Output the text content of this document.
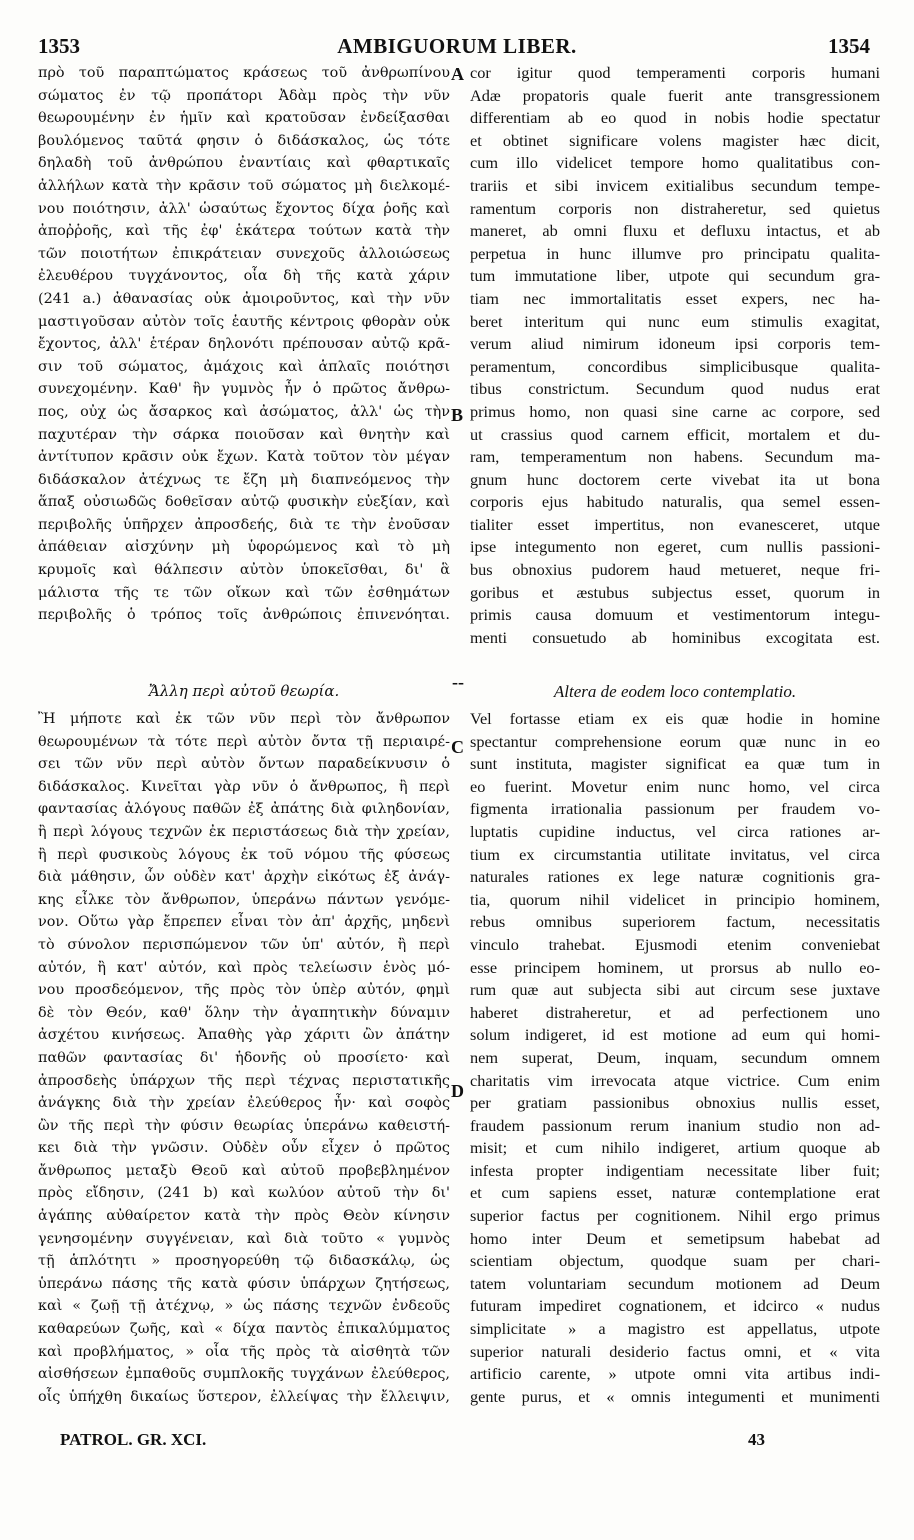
AMBIGUORUM LIBER.
1353	1354
πρὸ τοῦ παραπτώματος κράσεως τοῦ ἀνθρωπίνου
σώματος ἐν τῷ προπάτορι Ἀδὰμ πρὸς τὴν νῦν
θεωρουμένην ἐν ἡμῖν καὶ κρατοῦσαν ἐνδείξασθαι
βουλόμενος ταῦτά φησιν ὁ διδάσκαλος, ὡς τότε
δηλαδὴ τοῦ ἀνθρώπου ἐναντίαις καὶ φθαρτικαῖς
ἀλλήλων κατὰ τὴν κρᾶσιν τοῦ σώματος μὴ διελκομέ-
νου ποιότησιν, ἀλλ' ὡσαύτως ἔχοντος δίχα ῥοῆς καὶ
ἀποῤῥοῆς, καὶ τῆς ἐφ' ἑκάτερα τούτων κατὰ τὴν
τῶν ποιοτήτων ἐπικράτειαν συνεχοῦς ἀλλοιώσεως
ἐλευθέρου τυγχάνοντος, οἷα δὴ τῆς κατὰ χάριν
(241 a.) ἀθανασίας οὐκ ἀμοιροῦντος, καὶ τὴν νῦν
μαστιγοῦσαν αὐτὸν τοῖς ἑαυτῆς κέντροις φθορὰν οὐκ
ἔχοντος, ἀλλ' ἑτέραν δηλονότι πρέπουσαν αὐτῷ κρᾶ-
σιν τοῦ σώματος, ἀμάχοις καὶ ἁπλαῖς ποιότησι
συνεχομένην. Καθ' ἣν γυμνὸς ἦν ὁ πρῶτος ἄνθρω-
πος, οὐχ ὡς ἄσαρκος καὶ ἀσώματος, ἀλλ' ὡς τὴν
παχυτέραν τὴν σάρκα ποιοῦσαν καὶ θνητὴν καὶ
ἀντίτυπον κρᾶσιν οὐκ ἔχων. Κατὰ τοῦτον τὸν μέγαν
διδάσκαλον ἀτέχνως τε ἔζη μὴ διαπνεόμενος τὴν
ἅπαξ οὐσιωδῶς δοθεῖσαν αὐτῷ φυσικὴν εὐεξίαν, καὶ
περιβολῆς ὑπῆρχεν ἀπροσδεής, διὰ τε τὴν ἐνοῦσαν
ἀπάθειαν αἰσχύνην μὴ ὑφορώμενος καὶ τὸ μὴ
κρυμοῖς καὶ θάλπεσιν αὐτὸν ὑποκεῖσθαι, δι' ἃ
μάλιστα τῆς τε τῶν οἴκων καὶ τῶν ἐσθημάτων
περιβολῆς ὁ τρόπος τοῖς ἀνθρώποις ἐπινενόηται.
cor igitur quod temperamenti corporis humani
Adæ propatoris quale fuerit ante transgressionem
differentiam ab eo quod in nobis hodie spectatur
et obtinet significare volens magister hæc dicit,
cum illo videlicet tempore homo qualitatibus con-
trariis et sibi invicem exitialibus secundum tempe-
ramentum corporis non distraheretur, sed quietus
maneret, ab omni fluxu et defluxu intactus, et ab
perpetua in hunc illumve pro principatu qualita-
tum immutatione liber, utpote qui secundum gra-
tiam nec immortalitatis esset expers, nec ha-
beret interitum qui nunc eum stimulis exagitat,
verum aliud nimirum idoneum ipsi corporis tem-
peramentum, concordibus simplicibusque qualita-
tibus constrictum. Secundum quod nudus erat
primus homo, non quasi sine carne ac corpore, sed
ut crassius quod carnem efficit, mortalem et du-
ram, temperamentum non habens. Secundum ma-
gnum hunc doctorem certe vivebat ita ut bona
corporis ejus habitudo naturalis, qua semel essen-
tialiter esset impertitus, non evanesceret, utque
ipse integumento non egeret, cum nullis passioni-
bus obnoxius pudorem haud metueret, neque fri-
goribus et æstubus subjectus esset, quorum in
primis causa domuum et vestimentorum integu-
menti consuetudo ab hominibus excogitata est.
A
B
C
D
--
Ἄλλη περὶ αὐτοῦ θεωρία.	Altera de eodem loco contemplatio.
Ἢ μήποτε καὶ ἐκ τῶν νῦν περὶ τὸν ἄνθρωπον
θεωρουμένων τὰ τότε περὶ αὐτὸν ὄντα τῇ περιαιρέ-
σει τῶν νῦν περὶ αὐτὸν ὄντων παραδείκνυσιν ὁ
διδάσκαλος. Κινεῖται γὰρ νῦν ὁ ἄνθρωπος, ἢ περὶ
φαντασίας ἀλόγους παθῶν ἐξ ἀπάτης διὰ φιληδονίαν,
ἢ περὶ λόγους τεχνῶν ἐκ περιστάσεως διὰ τὴν χρείαν,
ἢ περὶ φυσικοὺς λόγους ἐκ τοῦ νόμου τῆς φύσεως
διὰ μάθησιν, ὧν οὐδὲν κατ' ἀρχὴν εἰκότως ἐξ ἀνάγ-
κης εἶλκε τὸν ἄνθρωπον, ὑπεράνω πάντων γενόμε-
νον. Οὕτω γὰρ ἔπρεπεν εἶναι τὸν ἀπ' ἀρχῆς, μηδενὶ
τὸ σύνολον περισπώμενον τῶν ὑπ' αὐτόν, ἢ περὶ
αὐτόν, ἢ κατ' αὐτόν, καὶ πρὸς τελείωσιν ἑνὸς μό-
νου προσδεόμενον, τῆς πρὸς τὸν ὑπὲρ αὐτόν, φημὶ
δὲ τὸν Θεόν, καθ' ὅλην τὴν ἀγαπητικὴν δύναμιν
ἀσχέτου κινήσεως. Ἀπαθὴς γὰρ χάριτι ὢν ἀπάτην
παθῶν φαντασίας δι' ἡδονῆς οὐ προσίετο· καὶ
ἀπροσδεὴς ὑπάρχων τῆς περὶ τέχνας περιστατικῆς
ἀνάγκης διὰ τὴν χρείαν ἐλεύθερος ἦν· καὶ σοφὸς
ὢν τῆς περὶ τὴν φύσιν θεωρίας ὑπεράνω καθειστή-
κει διὰ τὴν γνῶσιν. Οὐδὲν οὖν εἶχεν ὁ πρῶτος
ἄνθρωπος μεταξὺ Θεοῦ καὶ αὐτοῦ προβεβλημένον
πρὸς εἴδησιν, (241 b) καὶ κωλύον αὐτοῦ τὴν δι'
ἀγάπης αὐθαίρετον κατὰ τὴν πρὸς Θεὸν κίνησιν
γενησομένην συγγένειαν, καὶ διὰ τοῦτο « γυμνὸς
τῇ ἁπλότητι » προσηγορεύθη τῷ διδασκάλῳ, ὡς
ὑπεράνω πάσης τῆς κατὰ φύσιν ὑπάρχων ζητήσεως,
καὶ « ζωῇ τῇ ἀτέχνῳ, » ὡς πάσης τεχνῶν ἐνδεοῦς
καθαρεύων ζωῆς, καὶ « δίχα παντὸς ἐπικαλύμματος
καὶ προβλήματος, » οἷα τῆς πρὸς τὰ αἰσθητὰ τῶν
αἰσθήσεων ἐμπαθοῦς συμπλοκῆς τυγχάνων ἐλεύθερος,
οἷς ὑπήχθη δικαίως ὕστερον, ἐλλείψας τὴν ἔλλειψιν,
Vel fortasse etiam ex eis quæ hodie in homine
spectantur comprehensione eorum quæ nunc in eo
sunt instituta, magister significat ea quæ tum in
eo fuerint. Movetur enim nunc homo, vel circa
figmenta irrationalia passionum per fraudem vo-
luptatis cupidine inductus, vel circa rationes ar-
tium ex circumstantia utilitate invitatus, vel circa
naturales rationes ex lege naturæ cognitionis gra-
tia, quorum nihil videlicet in principio hominem,
rebus omnibus superiorem factum, necessitatis
vinculo trahebat. Ejusmodi etenim conveniebat
esse principem hominem, ut prorsus ab nullo eo-
rum quæ aut subjecta sibi aut circum sese juxtave
haberet distraheretur, et ad perfectionem uno
solum indigeret, id est motione ad eum qui homi-
nem superat, Deum, inquam, secundum omnem
charitatis vim irrevocata atque victrice. Cum enim
per gratiam passionibus obnoxius nullis esset,
fraudem passionum rerum inanium studio non ad-
misit; et cum nihilo indigeret, artium quoque ab
infesta propter indigentiam necessitate liber fuit;
et cum sapiens esset, naturæ contemplatione erat
superior factus per cognitionem. Nihil ergo primus
homo inter Deum et semetipsum habebat ad
scientiam objectum, quodque suam per chari-
tatem voluntariam secundum motionem ad Deum
futuram impediret cognationem, et idcirco « nudus
simplicitate » a magistro est appellatus, utpote
superior naturali desiderio factus omni, et « vita
artificio carente, » utpote omni vita artibus indi-
gente purus, et « omnis integumenti et munimenti
PATROL. GR. XCI.	43
